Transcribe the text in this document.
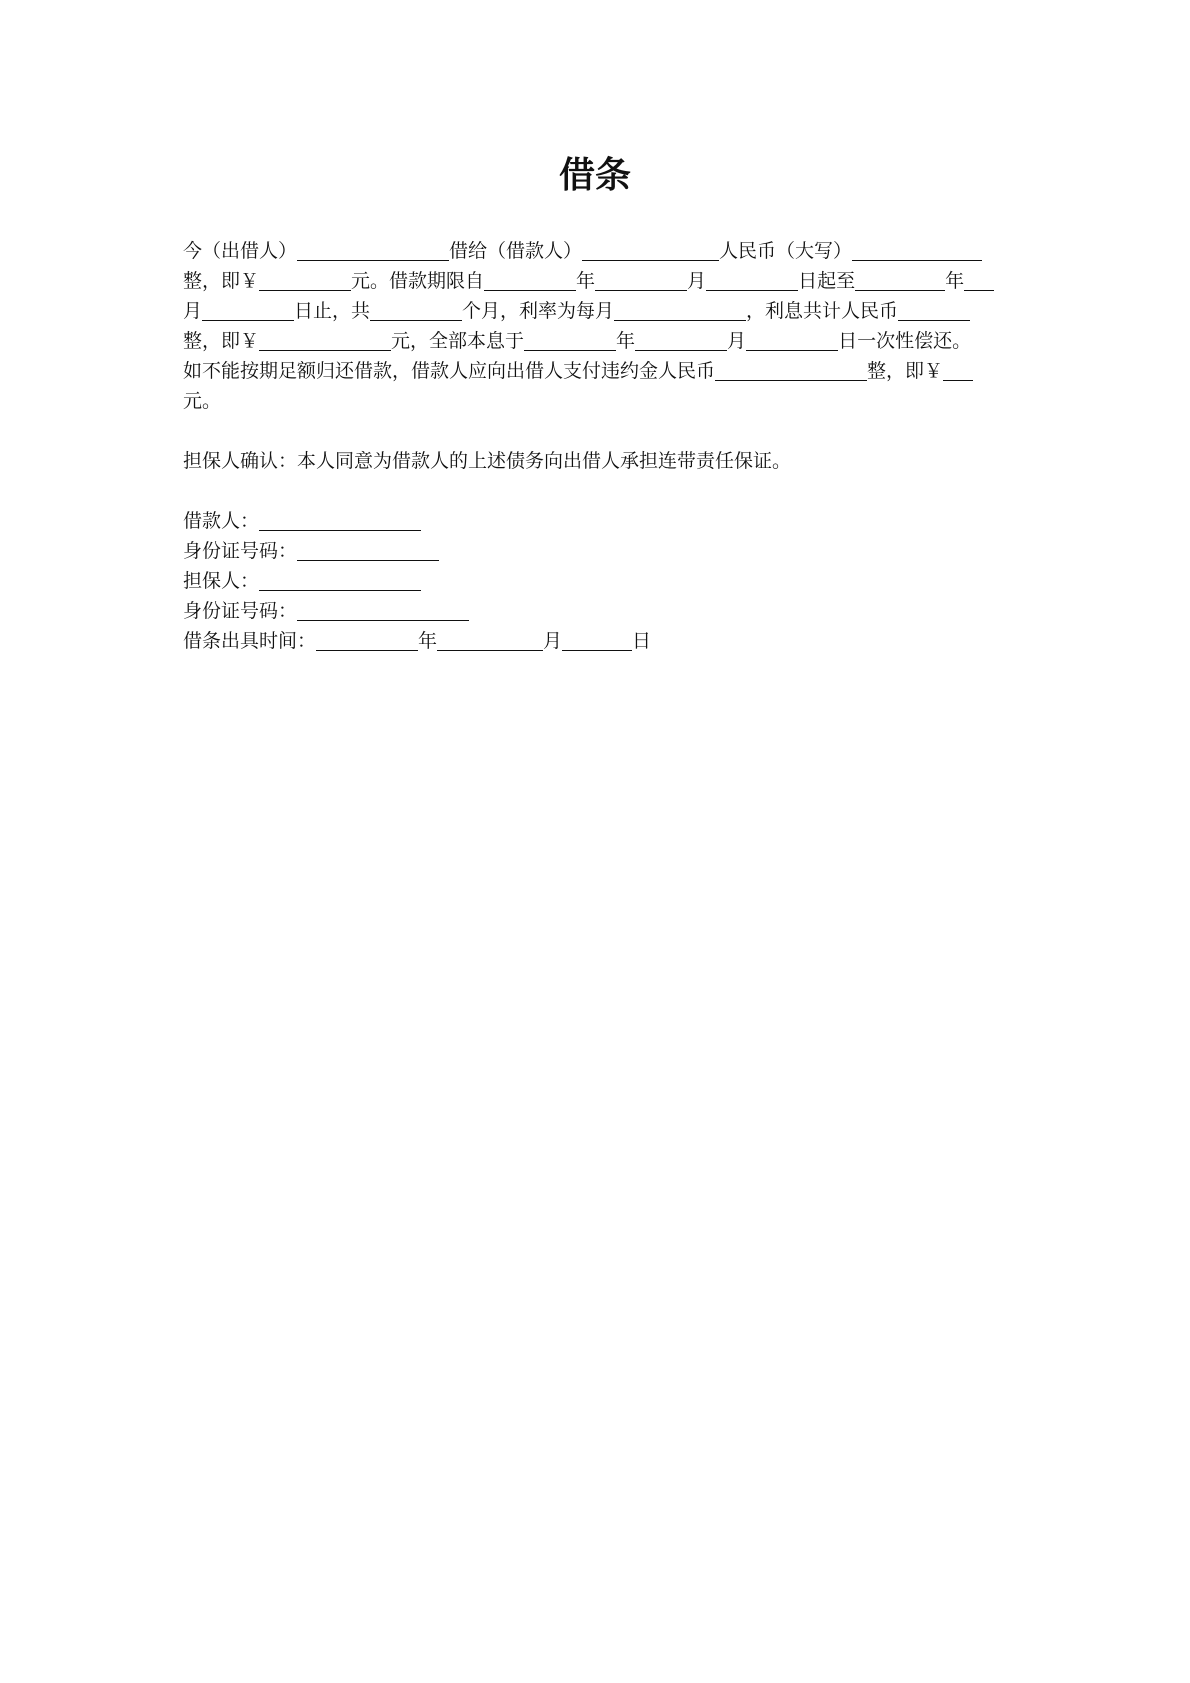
借条
今（出借人）	借给（借款人）	人民币（大写）
整，即￥	元。借款期限自	年	月	日起至	年
月	日止，共	个月，利率为每月	，利息共计人民币
整，即￥	元，全部本息于	年	月	日一次性偿还。
如不能按期足额归还借款，借款人应向出借人支付违约金人民币	整，即￥
元。
担保人确认：本人同意为借款人的上述债务向出借人承担连带责任保证。
借款人：
身份证号码：
担保人：
身份证号码：
借条出具时间：	年	月	日
